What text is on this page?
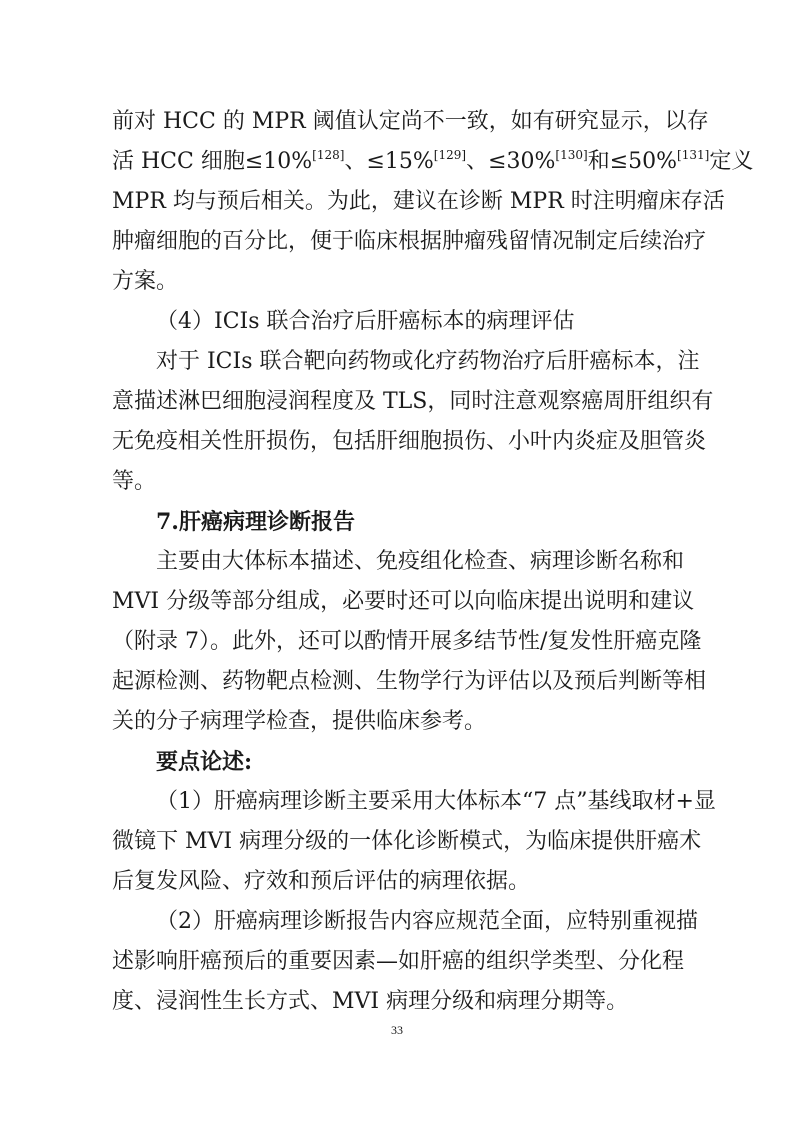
前对 HCC 的 MPR 阈值认定尚不一致，如有研究显示，以存
活 HCC 细胞≤10%[128]、≤15%[129]、≤30%[130]和≤50%[131]定义
MPR 均与预后相关。为此，建议在诊断 MPR 时注明瘤床存活
肿瘤细胞的百分比，便于临床根据肿瘤残留情况制定后续治疗
方案。
（4）ICIs 联合治疗后肝癌标本的病理评估
对于 ICIs 联合靶向药物或化疗药物治疗后肝癌标本，注
意描述淋巴细胞浸润程度及 TLS，同时注意观察癌周肝组织有
无免疫相关性肝损伤，包括肝细胞损伤、小叶内炎症及胆管炎
等。
7.肝癌病理诊断报告
主要由大体标本描述、免疫组化检查、病理诊断名称和
MVI 分级等部分组成，必要时还可以向临床提出说明和建议
（附录 7）。此外，还可以酌情开展多结节性/复发性肝癌克隆
起源检测、药物靶点检测、生物学行为评估以及预后判断等相
关的分子病理学检查，提供临床参考。
要点论述:
（1）肝癌病理诊断主要采用大体标本“7 点”基线取材+显
微镜下 MVI 病理分级的一体化诊断模式，为临床提供肝癌术
后复发风险、疗效和预后评估的病理依据。
（2）肝癌病理诊断报告内容应规范全面，应特别重视描
述影响肝癌预后的重要因素—如肝癌的组织学类型、分化程
度、浸润性生长方式、MVI 病理分级和病理分期等。
33
